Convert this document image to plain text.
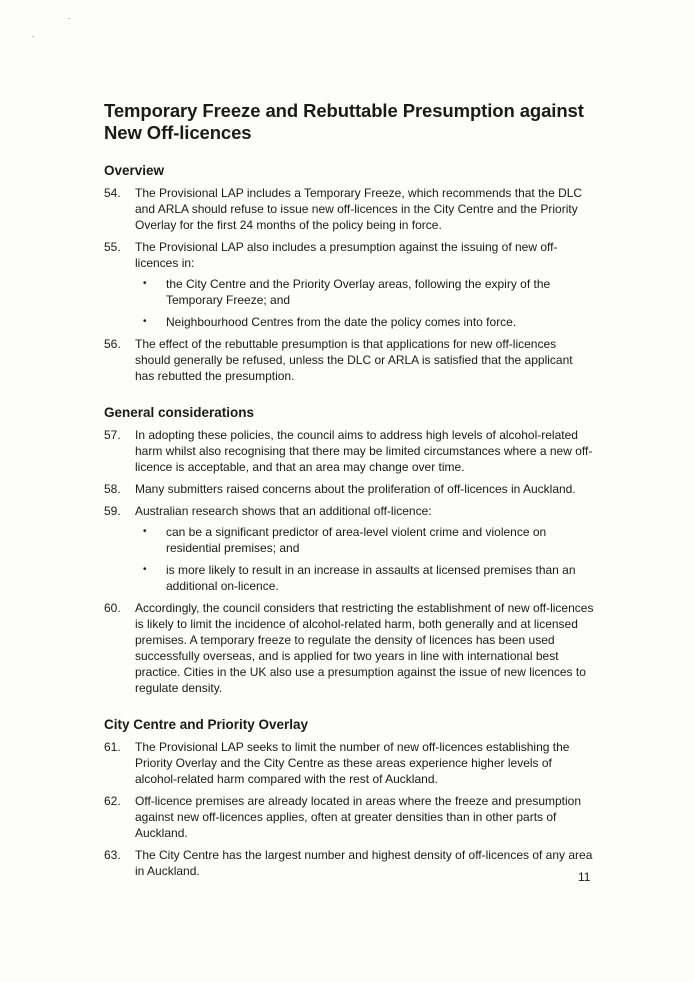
Temporary Freeze and Rebuttable Presumption against New Off-licences
Overview
54.	The Provisional LAP includes a Temporary Freeze, which recommends that the DLC and ARLA should refuse to issue new off-licences in the City Centre and the Priority Overlay for the first 24 months of the policy being in force.
55.	The Provisional LAP also includes a presumption against the issuing of new off-licences in:
•	the City Centre and the Priority Overlay areas, following the expiry of the Temporary Freeze; and
•	Neighbourhood Centres from the date the policy comes into force.
56.	The effect of the rebuttable presumption is that applications for new off-licences should generally be refused, unless the DLC or ARLA is satisfied that the applicant has rebutted the presumption.
General considerations
57.	In adopting these policies, the council aims to address high levels of alcohol-related harm whilst also recognising that there may be limited circumstances where a new off-licence is acceptable, and that an area may change over time.
58.	Many submitters raised concerns about the proliferation of off-licences in Auckland.
59.	Australian research shows that an additional off-licence:
•	can be a significant predictor of area-level violent crime and violence on residential premises; and
•	is more likely to result in an increase in assaults at licensed premises than an additional on-licence.
60.	Accordingly, the council considers that restricting the establishment of new off-licences is likely to limit the incidence of alcohol-related harm, both generally and at licensed premises. A temporary freeze to regulate the density of licences has been used successfully overseas, and is applied for two years in line with international best practice. Cities in the UK also use a presumption against the issue of new licences to regulate density.
City Centre and Priority Overlay
61.	The Provisional LAP seeks to limit the number of new off-licences establishing the Priority Overlay and the City Centre as these areas experience higher levels of alcohol-related harm compared with the rest of Auckland.
62.	Off-licence premises are already located in areas where the freeze and presumption against new off-licences applies, often at greater densities than in other parts of Auckland.
63.	The City Centre has the largest number and highest density of off-licences of any area in Auckland.	11
